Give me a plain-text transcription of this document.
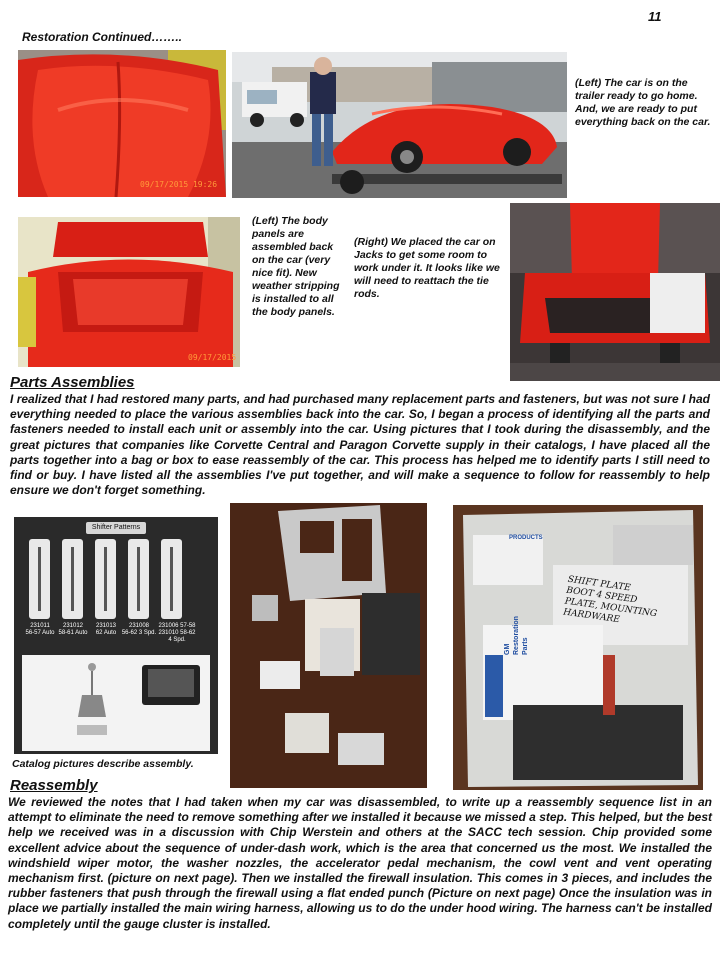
11
Restoration Continued……..
09/17/2015 19:26
(Left) The car is on the trailer ready to go home. And, we are ready to put everything back on the car.
09/17/2015
(Left) The body panels are assembled back on the car (very nice fit). New weather stripping is installed to all the body panels.
(Right) We placed the car on Jacks to get some room to work under it. It looks like we will need to reattach the tie rods.
Parts Assemblies
I realized that I had restored many parts, and had purchased many replacement parts and fasteners, but was not sure I had everything needed to place the various assemblies back into the car. So, I began a process of identifying all the parts and fasteners needed to install each unit or assembly into the car. Using pictures that I took during the disassembly, and the great pictures that companies like Corvette Central and Paragon Corvette supply in their catalogs, I have placed all the parts together into a bag or box to ease reassembly of the car. This process has helped me to identify parts I still need to find or buy. I have listed all the assemblies I've put together, and will make a sequence to follow for reassembly to help ensure we don't forget something.
Shifter Patterns
231011
56-57 Auto
231012
58-61 Auto
231013
62 Auto
231008
56-62 3 Spd.
231006 57-58
231010 58-62
4 Spd.
Catalog pictures describe assembly.
PRODUCTS
SHIFT PLATE
BOOT 4 SPEED
PLATE, MOUNTING
HARDWARE
GM
Restoration
Parts
Reassembly
We reviewed the notes that I had taken when my car was disassembled, to write up a reassembly sequence list in an attempt to eliminate the need to remove something after we installed it because we missed a step. This helped, but the best help we received was in a discussion with Chip Werstein and others at the SACC tech session. Chip provided some excellent advice about the sequence of under-dash work, which is the area that concerned us the most. We installed the windshield wiper motor, the washer nozzles, the accelerator pedal mechanism, the cowl vent and vent operating mechanism first. (picture on next page). Then we installed the firewall insulation. This comes in 3 pieces, and includes the rubber fasteners that push through the firewall using a flat ended punch (Picture on next page) Once the insulation was in place we partially installed the main wiring harness, allowing us to do the under hood wiring. The harness can't be installed completely until the gauge cluster is installed.
